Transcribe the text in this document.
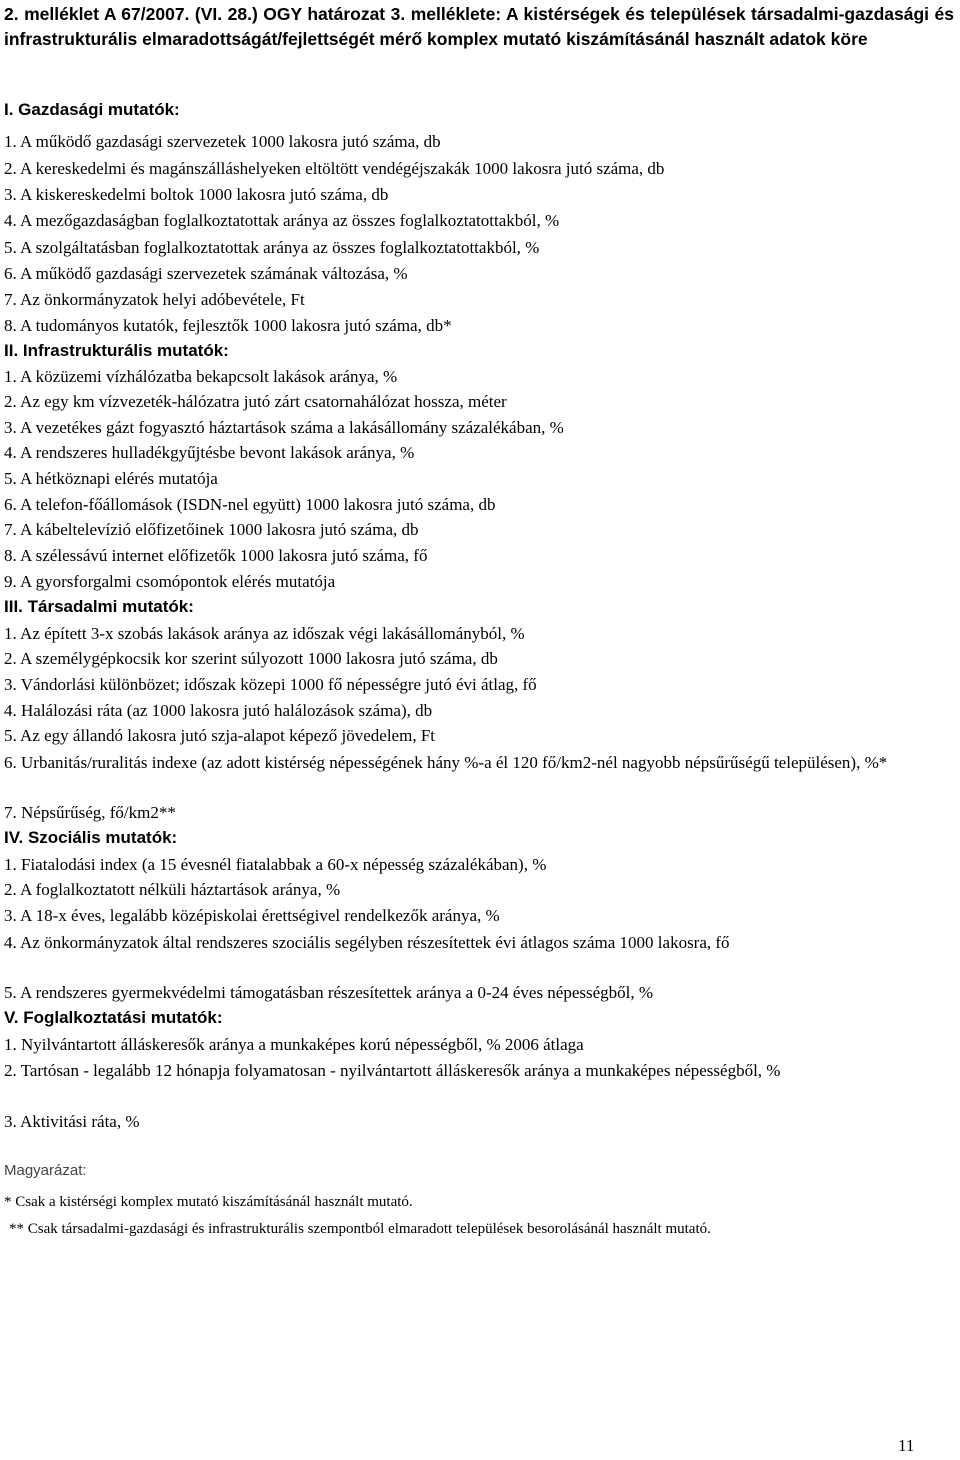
2. melléklet A 67/2007. (VI. 28.) OGY határozat 3. melléklete: A kistérségek és települések társadalmi-gazdasági és infrastrukturális elmaradottságát/fejlettségét mérő komplex mutató kiszámításánál használt adatok köre
I. Gazdasági mutatók:
1. A működő gazdasági szervezetek 1000 lakosra jutó száma, db
2. A kereskedelmi és magánszálláshelyeken eltöltött vendégéjszakák 1000 lakosra jutó száma, db
3. A kiskereskedelmi boltok 1000 lakosra jutó száma, db
4. A mezőgazdaságban foglalkoztatottak aránya az összes foglalkoztatottakból, %
5. A szolgáltatásban foglalkoztatottak aránya az összes foglalkoztatottakból, %
6. A működő gazdasági szervezetek számának változása, %
7. Az önkormányzatok helyi adóbevétele, Ft
8. A tudományos kutatók, fejlesztők 1000 lakosra jutó száma, db*
II. Infrastrukturális mutatók:
1. A közüzemi vízhálózatba bekapcsolt lakások aránya, %
2. Az egy km vízvezeték-hálózatra jutó zárt csatornahálózat hossza, méter
3. A vezetékes gázt fogyasztó háztartások száma a lakásállomány százalékában, %
4. A rendszeres hulladékgyűjtésbe bevont lakások aránya, %
5. A hétköznapi elérés mutatója
6. A telefon-főállomások (ISDN-nel együtt) 1000 lakosra jutó száma, db
7. A kábeltelevízió előfizetőinek 1000 lakosra jutó száma, db
8. A szélessávú internet előfizetők 1000 lakosra jutó száma, fő
9. A gyorsforgalmi csomópontok elérés mutatója
III. Társadalmi mutatók:
1. Az épített 3-x szobás lakások aránya az időszak végi lakásállományból, %
2. A személygépkocsik kor szerint súlyozott 1000 lakosra jutó száma, db
3. Vándorlási különbözet; időszak közepi 1000 fő népességre jutó évi átlag, fő
4. Halálozási ráta (az 1000 lakosra jutó halálozások száma), db
5. Az egy állandó lakosra jutó szja-alapot képező jövedelem, Ft
6. Urbanitás/ruralitás indexe (az adott kistérség népességének hány %-a él 120 fő/km2-nél nagyobb népsűrűségű településen), %*
7. Népsűrűség, fő/km2**
IV. Szociális mutatók:
1. Fiatalodási index (a 15 évesnél fiatalabbak a 60-x népesség százalékában), %
2. A foglalkoztatott nélküli háztartások aránya, %
3. A 18-x éves, legalább középiskolai érettségivel rendelkezők aránya, %
4. Az önkormányzatok által rendszeres szociális segélyben részesítettek évi átlagos száma 1000 lakosra, fő
5. A rendszeres gyermekvédelmi támogatásban részesítettek aránya a 0-24 éves népességből, %
V. Foglalkoztatási mutatók:
1. Nyilvántartott álláskeresők aránya a munkaképes korú népességből, % 2006 átlaga
2. Tartósan - legalább 12 hónapja folyamatosan - nyilvántartott álláskeresők aránya a munkaképes népességből, %
3. Aktivitási ráta, %
Magyarázat:
* Csak a kistérségi komplex mutató kiszámításánál használt mutató.
** Csak társadalmi-gazdasági és infrastrukturális szempontból elmaradott települések besorolásánál használt mutató.
11
